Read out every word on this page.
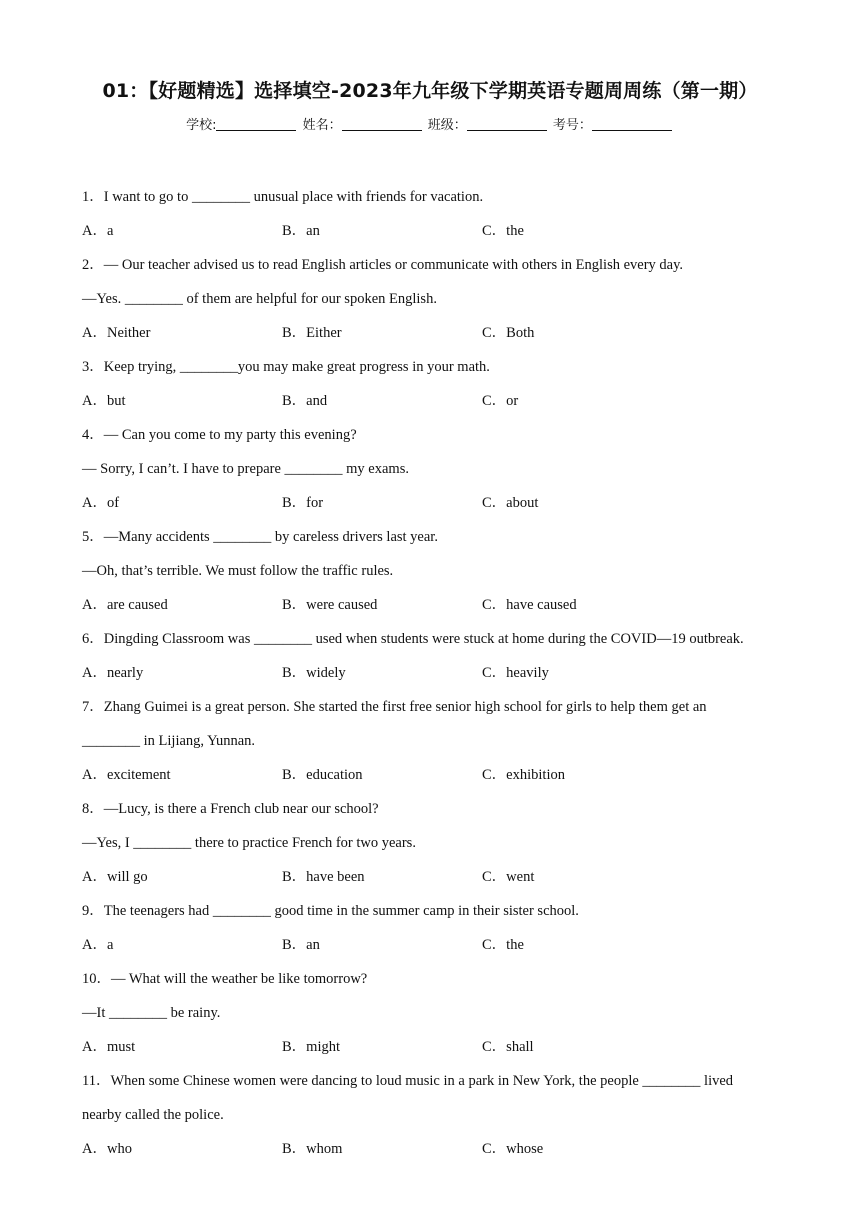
01：【好题精选】选择填空-2023年九年级下学期英语专题周周练（第一期）
学校:	姓名：	班级：	考号：
1．I want to go to ________ unusual place with friends for vacation.
A．a	B．an	C．the
2．— Our teacher advised us to read English articles or communicate with others in English every day.
—Yes. ________ of them are helpful for our spoken English.
A．Neither	B．Either	C．Both
3．Keep trying, ________you may make great progress in your math.
A．but	B．and	C．or
4．— Can you come to my party this evening?
— Sorry, I can’t. I have to prepare ________ my exams.
A．of	B．for	C．about
5．—Many accidents ________ by careless drivers last year.
—Oh, that’s terrible. We must follow the traffic rules.
A．are caused	B．were caused	C．have caused
6．Dingding Classroom was ________ used when students were stuck at home during the COVID—19 outbreak.
A．nearly	B．widely	C．heavily
7．Zhang Guimei is a great person. She started the first free senior high school for girls to help them get an
________ in Lijiang, Yunnan.
A．excitement	B．education	C．exhibition
8．—Lucy, is there a French club near our school?
—Yes, I ________ there to practice French for two years.
A．will go	B．have been	C．went
9．The teenagers had ________ good time in the summer camp in their sister school.
A．a	B．an	C．the
10．— What will the weather be like tomorrow?
—It ________ be rainy.
A．must	B．might	C．shall
11．When some Chinese women were dancing to loud music in a park in New York, the people ________ lived
nearby called the police.
A．who	B．whom	C．whose
